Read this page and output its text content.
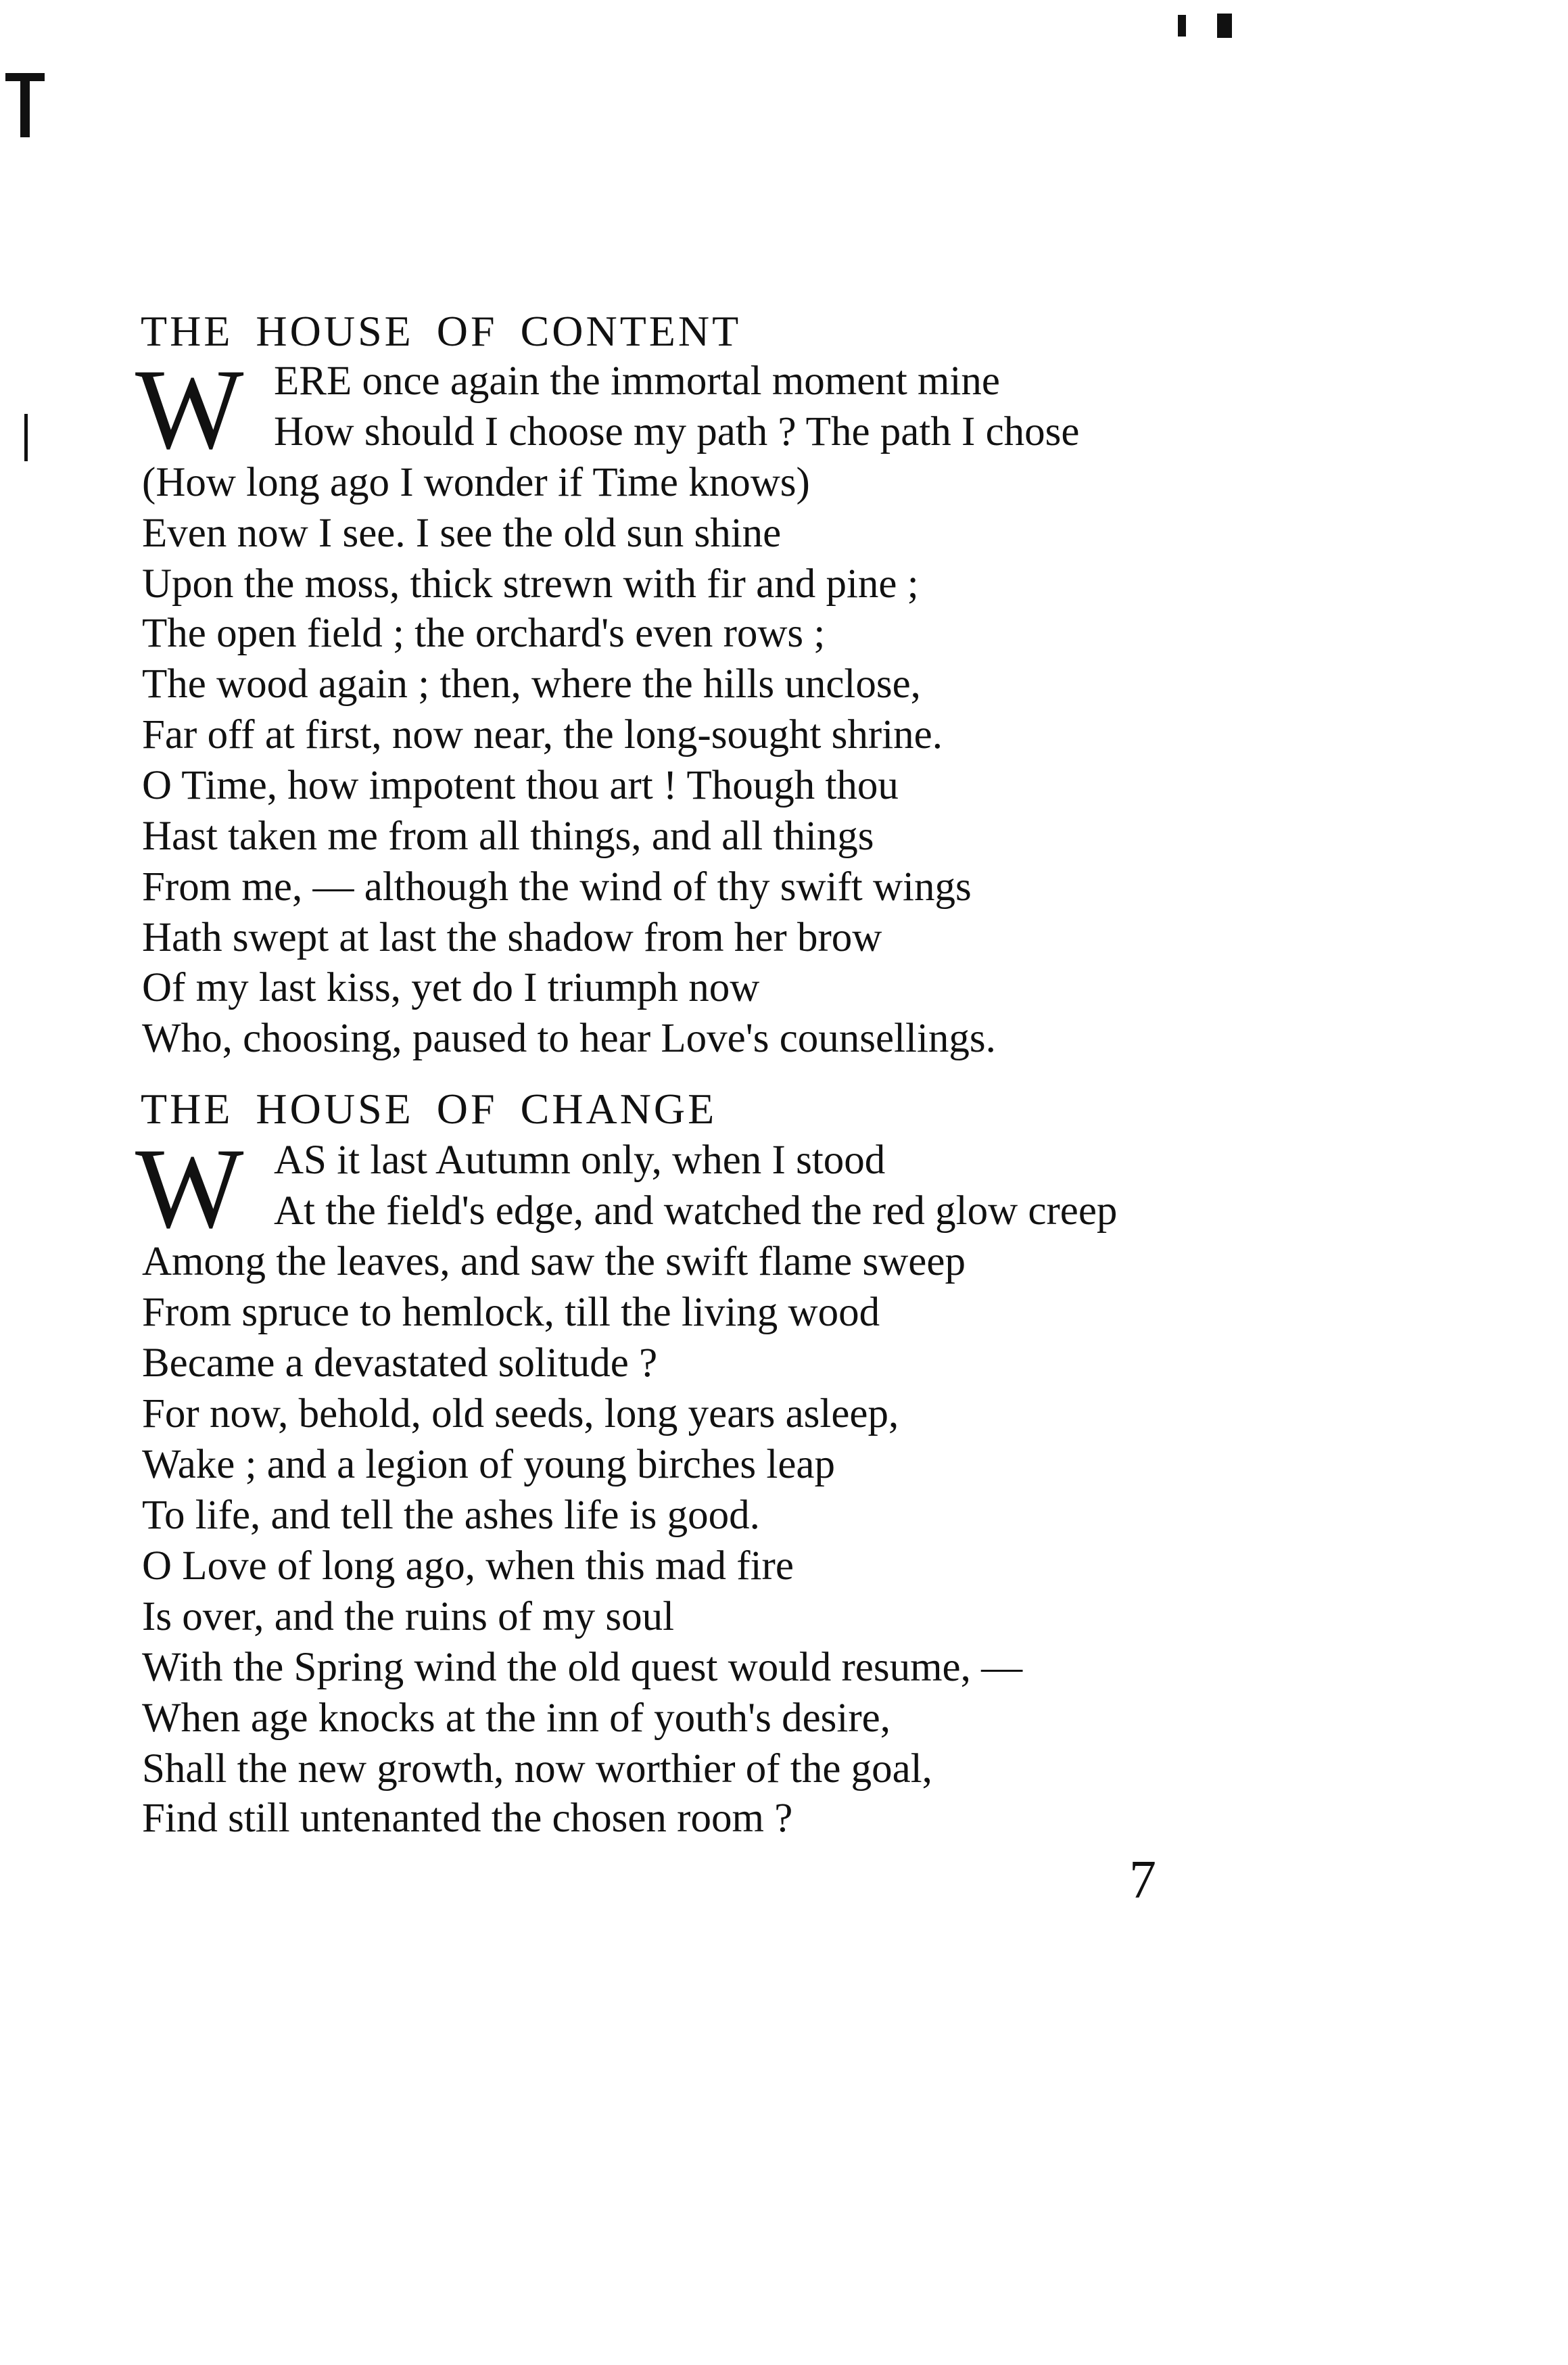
THE HOUSE OF CONTENT
W ERE once again the immortal moment mine
How should I choose my path ? The path I chose
(How long ago I wonder if Time knows)
Even now I see. I see the old sun shine
Upon the moss, thick strewn with fir and pine ;
The open field ; the orchard's even rows ;
The wood again ; then, where the hills unclose,
Far off at first, now near, the long-sought shrine.
O Time, how impotent thou art ! Though thou
Hast taken me from all things, and all things
From me, — although the wind of thy swift wings
Hath swept at last the shadow from her brow
Of my last kiss, yet do I triumph now
Who, choosing, paused to hear Love's counsellings.
THE HOUSE OF CHANGE
W AS it last Autumn only, when I stood
At the field's edge, and watched the red glow creep
Among the leaves, and saw the swift flame sweep
From spruce to hemlock, till the living wood
Became a devastated solitude ?
For now, behold, old seeds, long years asleep,
Wake ; and a legion of young birches leap
To life, and tell the ashes life is good.
O Love of long ago, when this mad fire
Is over, and the ruins of my soul
With the Spring wind the old quest would resume, —
When age knocks at the inn of youth's desire,
Shall the new growth, now worthier of the goal,
Find still untenanted the chosen room ?
7
